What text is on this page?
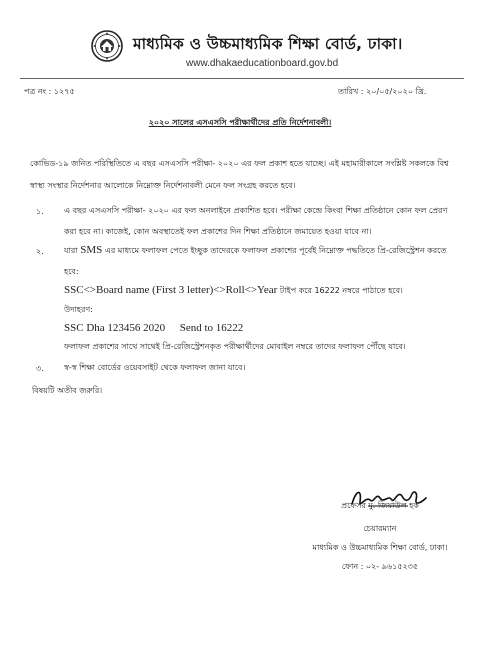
মাধ্যমিক ও উচ্চমাধ্যমিক শিক্ষা বোর্ড, ঢাকা।
www.dhakaeducationboard.gov.bd
পত্র নং : ১২৭৫	তারিখ : ২০/০৫/২০২০ খ্রি.
২০২০ সালের এসএসসি পরীক্ষার্থীদের প্রতি নির্দেশনাবলী।
কোভিড-১৯ জনিত পরিস্থিতিতে এ বছর এসএসসি পরীক্ষা- ২০২০ এর ফল প্রকাশ হতে যাচ্ছে। এই মহামারীকালে সংশ্লিষ্ট সকলকে বিশ্ব স্বাস্থ্য সংস্থার নির্দেশনার আলোকে নিম্নোক্ত নির্দেশনাবলী মেনে ফল সংগ্রহ করতে হবে।
১.	এ বছর এসএসসি পরীক্ষা- ২০২০ এর ফল অনলাইনে প্রকাশিত হবে। পরীক্ষা কেন্দ্রে কিংবা শিক্ষা প্রতিষ্ঠানে কোন ফল প্রেরণ করা হবে না। কাজেই, কোন অবস্থাতেই ফল প্রকাশের দিন শিক্ষা প্রতিষ্ঠানে জমায়েত হওয়া যাবে না।
২.	যারা SMS এর মাধ্যমে ফলাফল পেতে ইচ্ছুক তাদেরকে ফলাফল প্রকাশের পূর্বেই নিম্নোক্ত পদ্ধতিতে প্রি-রেজিস্ট্রেশন করতে হবে:
SSC<>Board name (First 3 letter)<>Roll<>Year টাইপ করে 16222 নম্বরে পাঠাতে হবে।
উদাহরণ:
SSC Dha 123456 2020 Send to 16222
ফলাফল প্রকাশের সাথে সাথেই প্রি-রেজিস্ট্রেশনকৃত পরীক্ষার্থীদের মোবাইল নম্বরে তাদের ফলাফল পৌঁছে যাবে।
৩.	স্ব-স্ব শিক্ষা বোর্ডের ওয়েবসাইট থেকে ফলাফল জানা যাবে।
বিষয়টি অতীব জরুরি।
প্রফেসর মু. জিয়াউল হক
চেয়ারম্যান
মাধ্যমিক ও উচ্চমাধ্যমিক শিক্ষা বোর্ড, ঢাকা।
ফোন : ০২- ৯৬১৫২৩৫
